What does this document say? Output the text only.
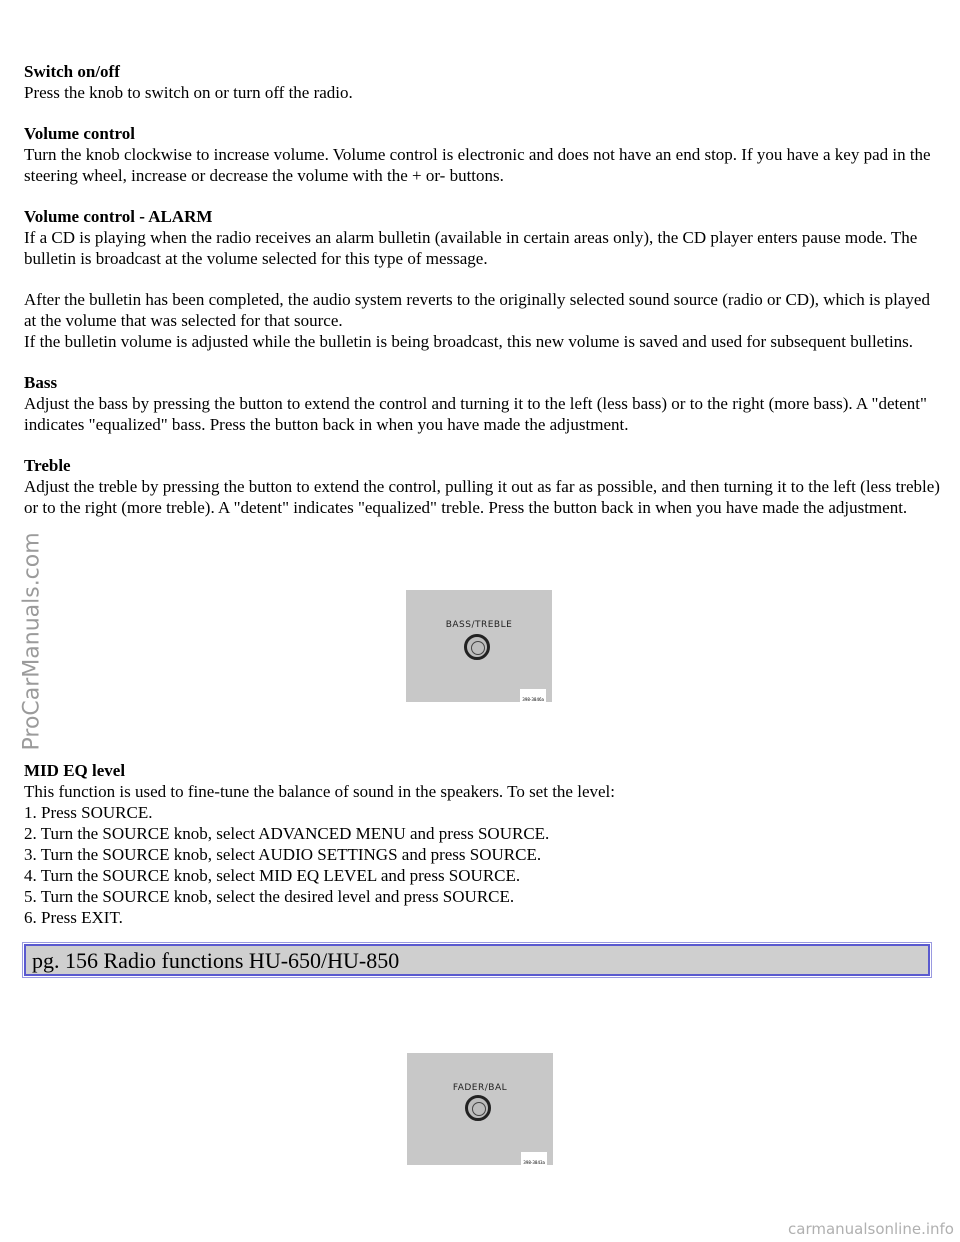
Switch on/off

Press the knob to switch on or turn off the radio.

Volume control

Turn the knob clockwise to increase volume. Volume control is electronic and does not have an end stop. If you have a key pad in the steering wheel, increase or decrease the volume with the + or- buttons.

Volume control - ALARM

If a CD is playing when the radio receives an alarm bulletin (available in certain areas only), the CD player enters pause mode. The bulletin is broadcast at the volume selected for this type of message.

After the bulletin has been completed, the audio system reverts to the originally selected sound source (radio or CD), which is played at the volume that was selected for that source.

If the bulletin volume is adjusted while the bulletin is being broadcast, this new volume is saved and used for subsequent bulletins.

Bass

Adjust the bass by pressing the button to extend the control and turning it to the left (less bass) or to the right (more bass). A "detent" indicates "equalized" bass. Press the button back in when you have made the adjustment.

Treble

Adjust the treble by pressing the button to extend the control, pulling it out as far as possible, and then turning it to the left (less treble) or to the right (more treble). A "detent" indicates "equalized" treble. Press the button back in when you have made the adjustment.

BASS/TREBLE
398-3846a
MID EQ level

This function is used to fine-tune the balance of sound in the speakers. To set the level:

1. Press SOURCE.

2. Turn the SOURCE knob, select ADVANCED MENU and press SOURCE.

3. Turn the SOURCE knob, select AUDIO SETTINGS and press SOURCE.

4. Turn the SOURCE knob, select MID EQ LEVEL and press SOURCE.

5. Turn the SOURCE knob, select the desired level and press SOURCE.

6. Press EXIT.

pg. 156 Radio functions HU-650/HU-850
FADER/BAL
398-3843a
ProCarManuals.com
carmanualsonline.info
